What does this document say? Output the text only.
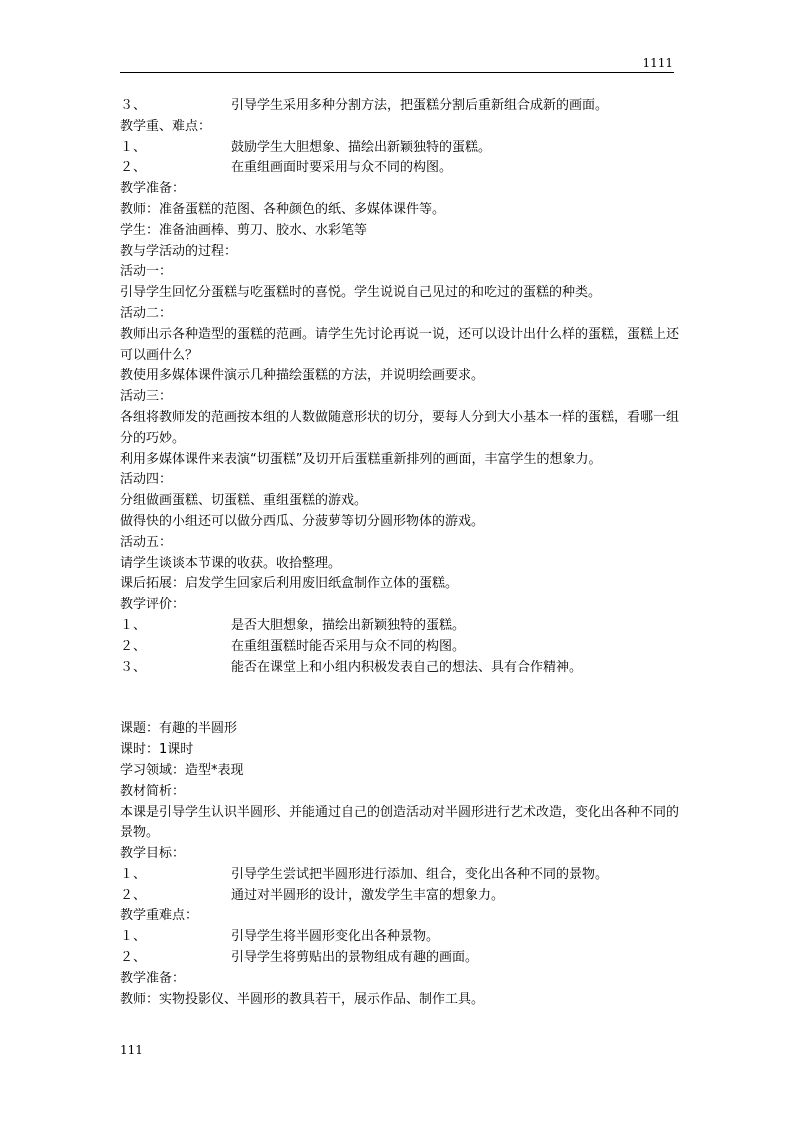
1111
３、	引导学生采用多种分割方法，把蛋糕分割后重新组合成新的画面。
教学重、难点：
１、	鼓励学生大胆想象、描绘出新颖独特的蛋糕。
２、	在重组画面时要采用与众不同的构图。
教学准备：
教师：准备蛋糕的范图、各种颜色的纸、多媒体课件等。
学生：准备油画棒、剪刀、胶水、水彩笔等
教与学活动的过程：
活动一：
引导学生回忆分蛋糕与吃蛋糕时的喜悦。学生说说自己见过的和吃过的蛋糕的种类。
活动二：
教师出示各种造型的蛋糕的范画。请学生先讨论再说一说，还可以设计出什么样的蛋糕，蛋糕上还可以画什么？
教使用多媒体课件演示几种描绘蛋糕的方法，并说明绘画要求。
活动三：
各组将教师发的范画按本组的人数做随意形状的切分，要每人分到大小基本一样的蛋糕，看哪一组分的巧妙。
利用多媒体课件来表演“切蛋糕”及切开后蛋糕重新排列的画面，丰富学生的想象力。
活动四：
分组做画蛋糕、切蛋糕、重组蛋糕的游戏。
做得快的小组还可以做分西瓜、分菠萝等切分圆形物体的游戏。
活动五：
请学生谈谈本节课的收获。收拾整理。
课后拓展：启发学生回家后利用废旧纸盒制作立体的蛋糕。
教学评价：
１、	是否大胆想象，描绘出新颖独特的蛋糕。
２、	在重组蛋糕时能否采用与众不同的构图。
３、	能否在课堂上和小组内积极发表自己的想法、具有合作精神。
课题：有趣的半圆形
课时：1课时
学习领域：造型*表现
教材简析：
本课是引导学生认识半圆形、并能通过自己的创造活动对半圆形进行艺术改造，变化出各种不同的景物。
教学目标：
１、	引导学生尝试把半圆形进行添加、组合，变化出各种不同的景物。
２、	通过对半圆形的设计，激发学生丰富的想象力。
教学重难点：
１、	引导学生将半圆形变化出各种景物。
２、	引导学生将剪贴出的景物组成有趣的画面。
教学准备：
教师：实物投影仪、半圆形的教具若干，展示作品、制作工具。
111
